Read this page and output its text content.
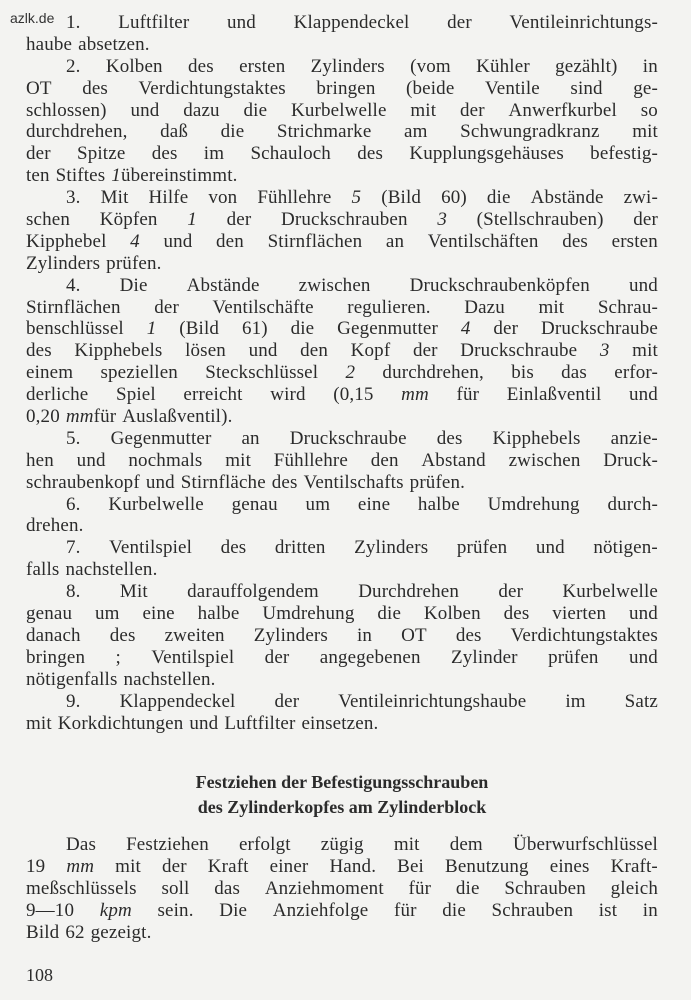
azlk.de 1. Luftfilter und Klappendeckel der Ventileinrichtungs-
haube absetzen.
2. Kolben des ersten Zylinders (vom Kühler gezählt) in
OT des Verdichtungstaktes bringen (beide Ventile sind ge-
schlossen) und dazu die Kurbelwelle mit der Anwerfkurbel so
durchdrehen, daß die Strichmarke am Schwungradkranz mit
der Spitze des im Schauloch des Kupplungsgehäuses befestig-
ten Stiftes 1 übereinstimmt.
3. Mit Hilfe von Fühllehre 5 (Bild 60) die Abstände zwi-
schen Köpfen 1 der Druckschrauben 3 (Stellschrauben) der
Kipphebel 4 und den Stirnflächen an Ventilschäften des ersten
Zylinders prüfen.
4. Die Abstände zwischen Druckschraubenköpfen und
Stirnflächen der Ventilschäfte regulieren. Dazu mit Schrau-
benschlüssel 1 (Bild 61) die Gegenmutter 4 der Druckschraube
des Kipphebels lösen und den Kopf der Druckschraube 3 mit
einem speziellen Steckschlüssel 2 durchdrehen, bis das erfor-
derliche Spiel erreicht wird (0,15 mm für Einlaßventil und
0,20 mm für Auslaßventil).
5. Gegenmutter an Druckschraube des Kipphebels anzie-
hen und nochmals mit Fühllehre den Abstand zwischen Druck-
schraubenkopf und Stirnfläche des Ventilschafts prüfen.
6. Kurbelwelle genau um eine halbe Umdrehung durch-
drehen.
7. Ventilspiel des dritten Zylinders prüfen und nötigen-
falls nachstellen.
8. Mit darauffolgendem Durchdrehen der Kurbelwelle
genau um eine halbe Umdrehung die Kolben des vierten und
danach des zweiten Zylinders in OT des Verdichtungstaktes
bringen ; Ventilspiel der angegebenen Zylinder prüfen und
nötigenfalls nachstellen.
9. Klappendeckel der Ventileinrichtungshaube im Satz
mit Korkdichtungen und Luftfilter einsetzen.
Festziehen der Befestigungsschrauben
des Zylinderkopfes am Zylinderblock
Das Festziehen erfolgt zügig mit dem Überwurfschlüssel
19 mm mit der Kraft einer Hand. Bei Benutzung eines Kraft-
meßschlüssels soll das Anziehmoment für die Schrauben gleich
9—10 kpm sein. Die Anziehfolge für die Schrauben ist in
Bild 62 gezeigt.
108
